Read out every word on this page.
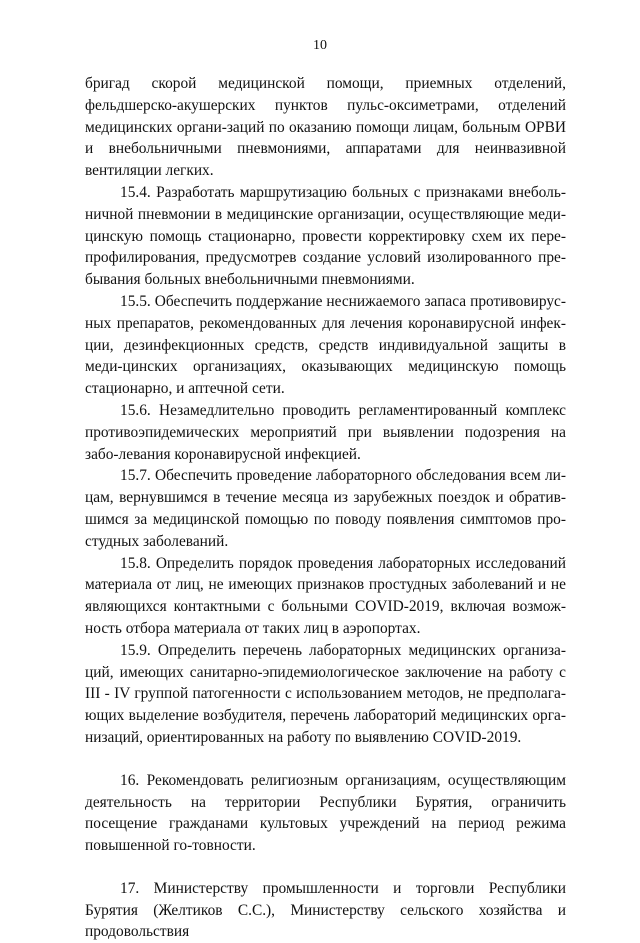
10

бригад скорой медицинской помощи, приемных отделений, фельдшерско-​акушерских пунктов пульс-оксиметрами, отделений медицинских органи-​заций по оказанию помощи лицам, больным ОРВИ и внебольничными пневмониями, аппаратами для неинвазивной вентиляции легких.

15.4. Разработать маршрутизацию больных с признаками внеболь-​ничной пневмонии в медицинские организации, осуществляющие меди-​цинскую помощь стационарно, провести корректировку схем их пере-​профилирования, предусмотрев создание условий изолированного пре-​бывания больных внебольничными пневмониями.

15.5. Обеспечить поддержание неснижаемого запаса противовирус-​ных препаратов, рекомендованных для лечения коронавирусной инфек-​ции, дезинфекционных средств, средств индивидуальной защиты в меди-​цинских организациях, оказывающих медицинскую помощь стационарно, и аптечной сети.

15.6. Незамедлительно проводить регламентированный комплекс противоэпидемических мероприятий при выявлении подозрения на забо-​левания коронавирусной инфекцией.

15.7. Обеспечить проведение лабораторного обследования всем ли-​цам, вернувшимся в течение месяца из зарубежных поездок и обратив-​шимся за медицинской помощью по поводу появления симптомов про-​студных заболеваний.

15.8. Определить порядок проведения лабораторных исследований материала от лиц, не имеющих признаков простудных заболеваний и не являющихся контактными с больными COVID-2019, включая возмож-​ность отбора материала от таких лиц в аэропортах.

15.9. Определить перечень лабораторных медицинских организа-​ций, имеющих санитарно-эпидемиологическое заключение на работу с III - IV группой патогенности с использованием методов, не предполага-​ющих выделение возбудителя, перечень лабораторий медицинских орга-​низаций, ориентированных на работу по выявлению COVID-2019.

16. Рекомендовать религиозным организациям, осуществляющим деятельность на территории Республики Бурятия, ограничить посещение гражданами культовых учреждений на период режима повышенной го-​товности.

17. Министерству промышленности и торговли Республики Бурятия (Желтиков С.С.), Министерству сельского хозяйства и продовольствия
